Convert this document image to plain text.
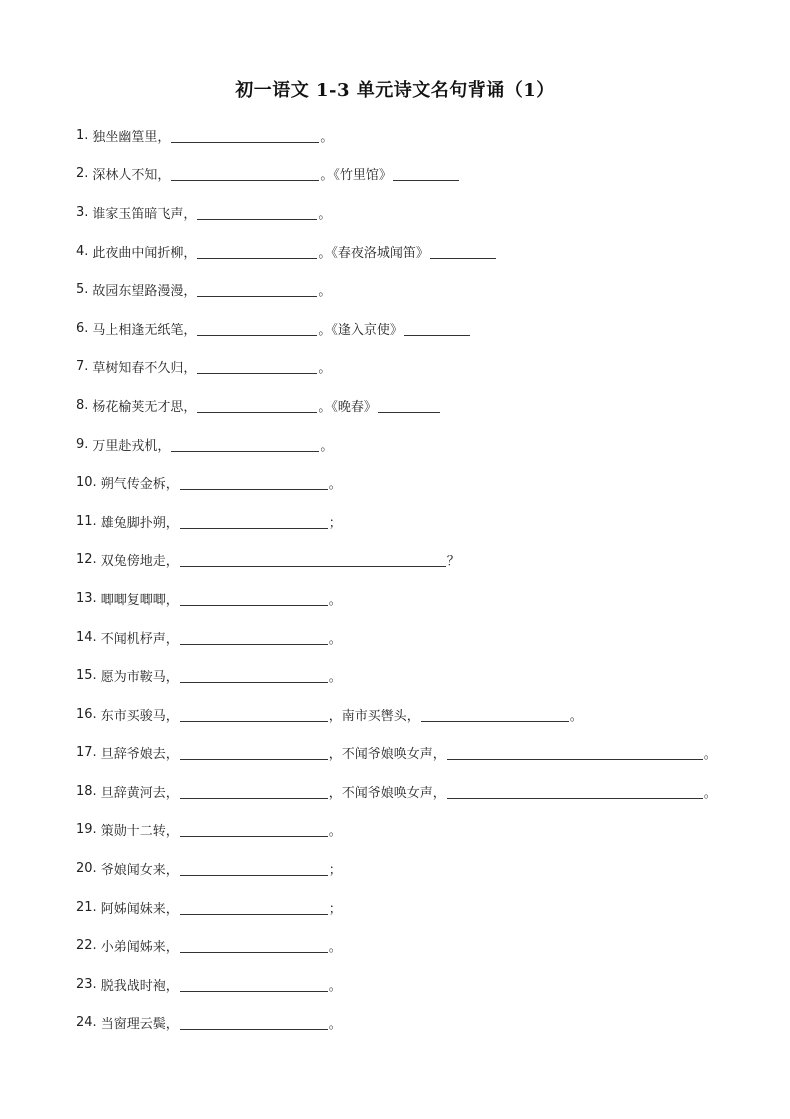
初一语文 1-3 单元诗文名句背诵（1）
1. 独坐幽篁里，	。
2. 深林人不知，	。《竹里馆》
3. 谁家玉笛暗飞声，	。
4. 此夜曲中闻折柳，	。《春夜洛城闻笛》
5. 故园东望路漫漫，	。
6. 马上相逢无纸笔，	。《逢入京使》
7. 草树知春不久归，	。
8. 杨花榆荚无才思，	。《晚春》
9. 万里赴戎机，	。
10. 朔气传金柝，	。
11. 雄兔脚扑朔，	；
12. 双兔傍地走，	？
13. 唧唧复唧唧，	。
14. 不闻机杼声，	。
15. 愿为市鞍马，	。
16. 东市买骏马，	，南市买辔头，	。
17. 旦辞爷娘去，	，不闻爷娘唤女声，	。
18. 旦辞黄河去，	，不闻爷娘唤女声，	。
19. 策勋十二转，	。
20. 爷娘闻女来，	；
21. 阿姊闻妹来，	；
22. 小弟闻姊来，	。
23. 脱我战时袍，	。
24. 当窗理云鬓，	。
